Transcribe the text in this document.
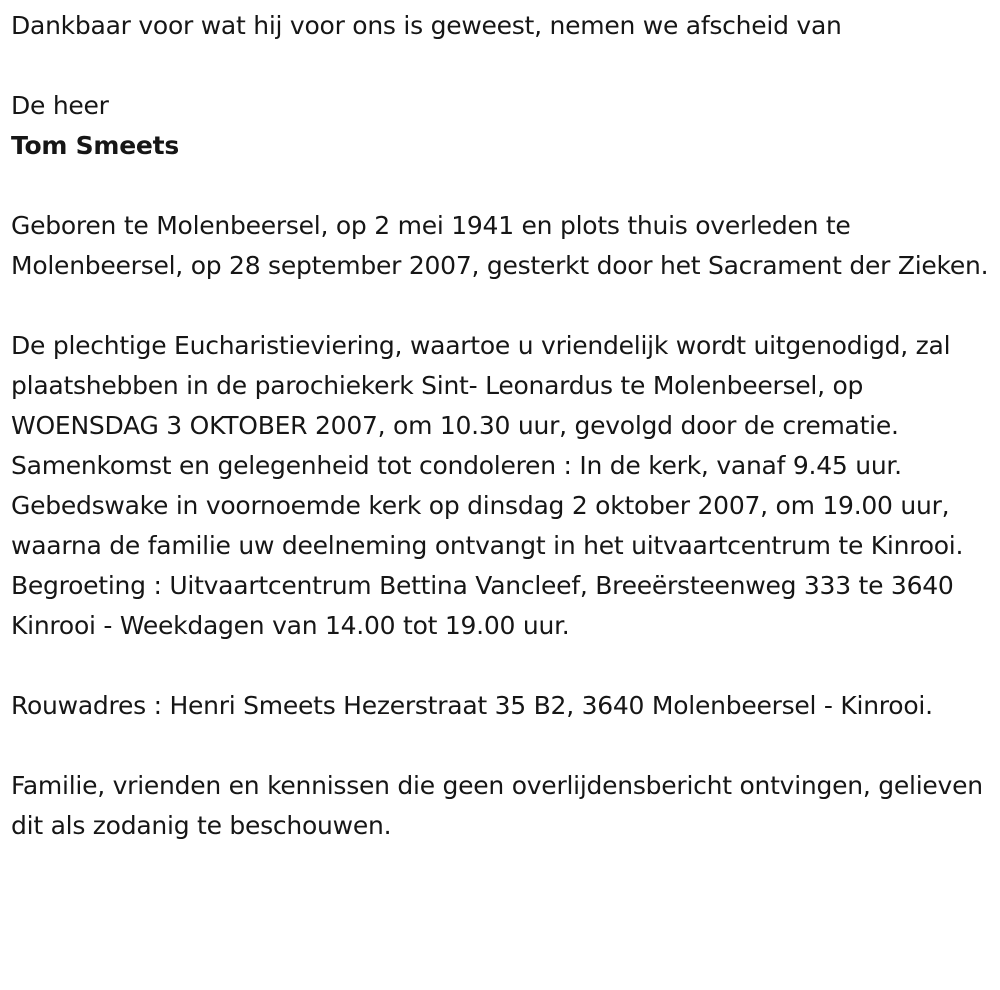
Dankbaar voor wat hij voor ons is geweest, nemen we afscheid van

De heer

Tom Smeets

Geboren te Molenbeersel, op 2 mei 1941 en plots thuis overleden te Molenbeersel, op 28 september 2007, gesterkt door het Sacrament der Zieken.

De plechtige Eucharistieviering, waartoe u vriendelijk wordt uitgenodigd, zal plaatshebben in de parochiekerk Sint- Leonardus te Molenbeersel, op WOENSDAG 3 OKTOBER 2007, om 10.30 uur, gevolgd door de crematie. Samenkomst en gelegenheid tot condoleren : In de kerk, vanaf 9.45 uur. Gebedswake in voornoemde kerk op dinsdag 2 oktober 2007, om 19.00 uur, waarna de familie uw deelneming ontvangt in het uitvaartcentrum te Kinrooi. Begroeting : Uitvaartcentrum Bettina Vancleef, Breeërsteenweg 333 te 3640 Kinrooi - Weekdagen van 14.00 tot 19.00 uur.

Rouwadres : Henri Smeets Hezerstraat 35 B2, 3640 Molenbeersel - Kinrooi.

Familie, vrienden en kennissen die geen overlijdensbericht ontvingen, gelieven dit als zodanig te beschouwen.
